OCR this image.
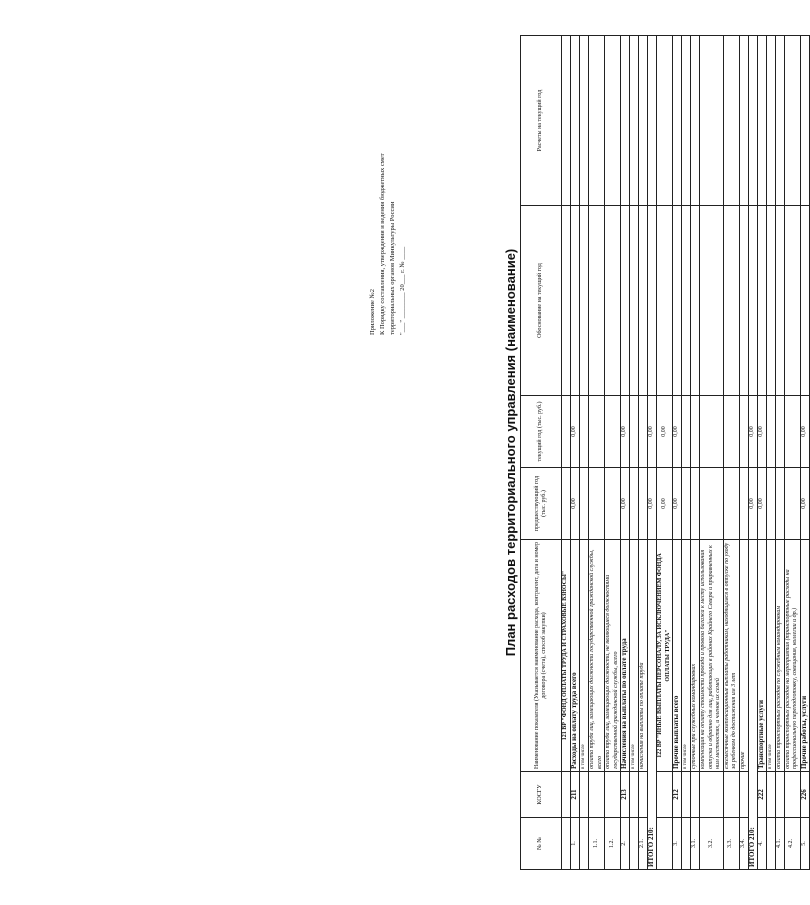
Приложение №2 К Порядку составления, утверждения и ведения бюджетных смет территориальных органов Минкультуры России "___" ________ 20___ г. № ____	План расходов территориального управления (наименование)
№ №	КОСГУ	Наименование показателя (Указывается наименование расхода, контрагент, дата и номер договора (счета), способ закупки)	предшествующий год (тыс. руб.)	текущий год (тыс. руб.)	Обоснование на текущий год	Расчеты на текущий год
		121 ВР "ФОНД ОПЛАТЫ ТРУДА И СТРАХОВЫЕ ВЗНОСЫ"				
1.	211	Расходы на оплату труда всего	0,00	0,00		
		в том числе				
1.1.		оплата труда лиц, замещающих должности государственной гражданской службы, всего				
1.2.		оплата труда лиц, замещающих должности, не являющиеся должностями государственной гражданской службы, всего				
2.	213	Начисления на выплаты по оплате труда	0,00	0,00		
		в том числе				
2.1.		начисления на выплаты по оплате труда				
ИТОГО 210:			0,00	0,00		
		122 ВР "ИНЫЕ ВЫПЛАТЫ ПЕРСОНАЛУ, ЗА ИСКЛЮЧЕНИЕМ ФОНДА ОПЛАТЫ ТРУДА"	0,00	0,00		
3.	212	Прочие выплаты всего	0,00	0,00		
		в том числе				
3.1.		суточные при служебных командировках				
3.2.		компенсация на оплату стоимости проезда и провоза багажа к месту использования отпуска и обратно для лиц, работающих в районах Крайнего Севера и приравненных к ним местностях, и членов их семей				
3.3.		ежемесячные компенсационные выплаты работникам, находящимся в отпуске по уходу за ребенком до достижения им 3 лет				
3.4.		прочие				
ИТОГО 210:			0,00	0,00		
4.	222	Транспортные услуги	0,00	0,00		
		в том числе				
4.1.		оплата транспортных расходов по служебным командировкам				
4.2.		оплата транспортных расходов на мероприятия (транспортные расходы на профессиональную переподготовку, совещания, коллегии и др.)				
5.	226	Прочие работы, услуги	0,00	0,00		
